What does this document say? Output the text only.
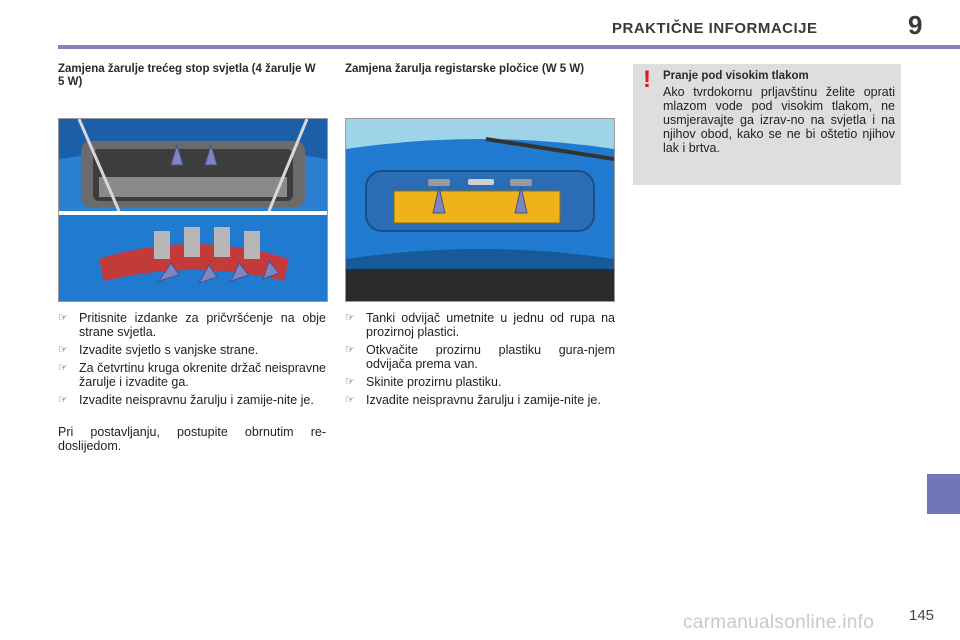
PRAKTIČNE INFORMACIJE	9
Zamjena žarulje trećeg stop svjetla (4 žarulje W 5 W)
☞ Pritisnite izdanke za pričvršćenje na obje strane svjetla.
☞ Izvadite svjetlo s vanjske strane.
☞ Za četvrtinu kruga okrenite držač neispravne žarulje i izvadite ga.
☞ Izvadite neispravnu žarulju i zamije-nite je.
Pri postavljanju, postupite obrnutim re-doslijedom.
Zamjena žarulja registarske pločice (W 5 W)
☞ Tanki odvijač umetnite u jednu od rupa na prozirnoj plastici.
☞ Otkvačite prozirnu plastiku gura-njem odvijača prema van.
☞ Skinite prozirnu plastiku.
☞ Izvadite neispravnu žarulju i zamije-nite je.
! Pranje pod visokim tlakom
Ako tvrdokornu prljavštinu želite oprati mlazom vode pod visokim tlakom, ne usmjeravajte ga izrav-no na svjetla i na njihov obod, kako se ne bi oštetio njihov lak i brtva.
145
carmanualsonline.info
